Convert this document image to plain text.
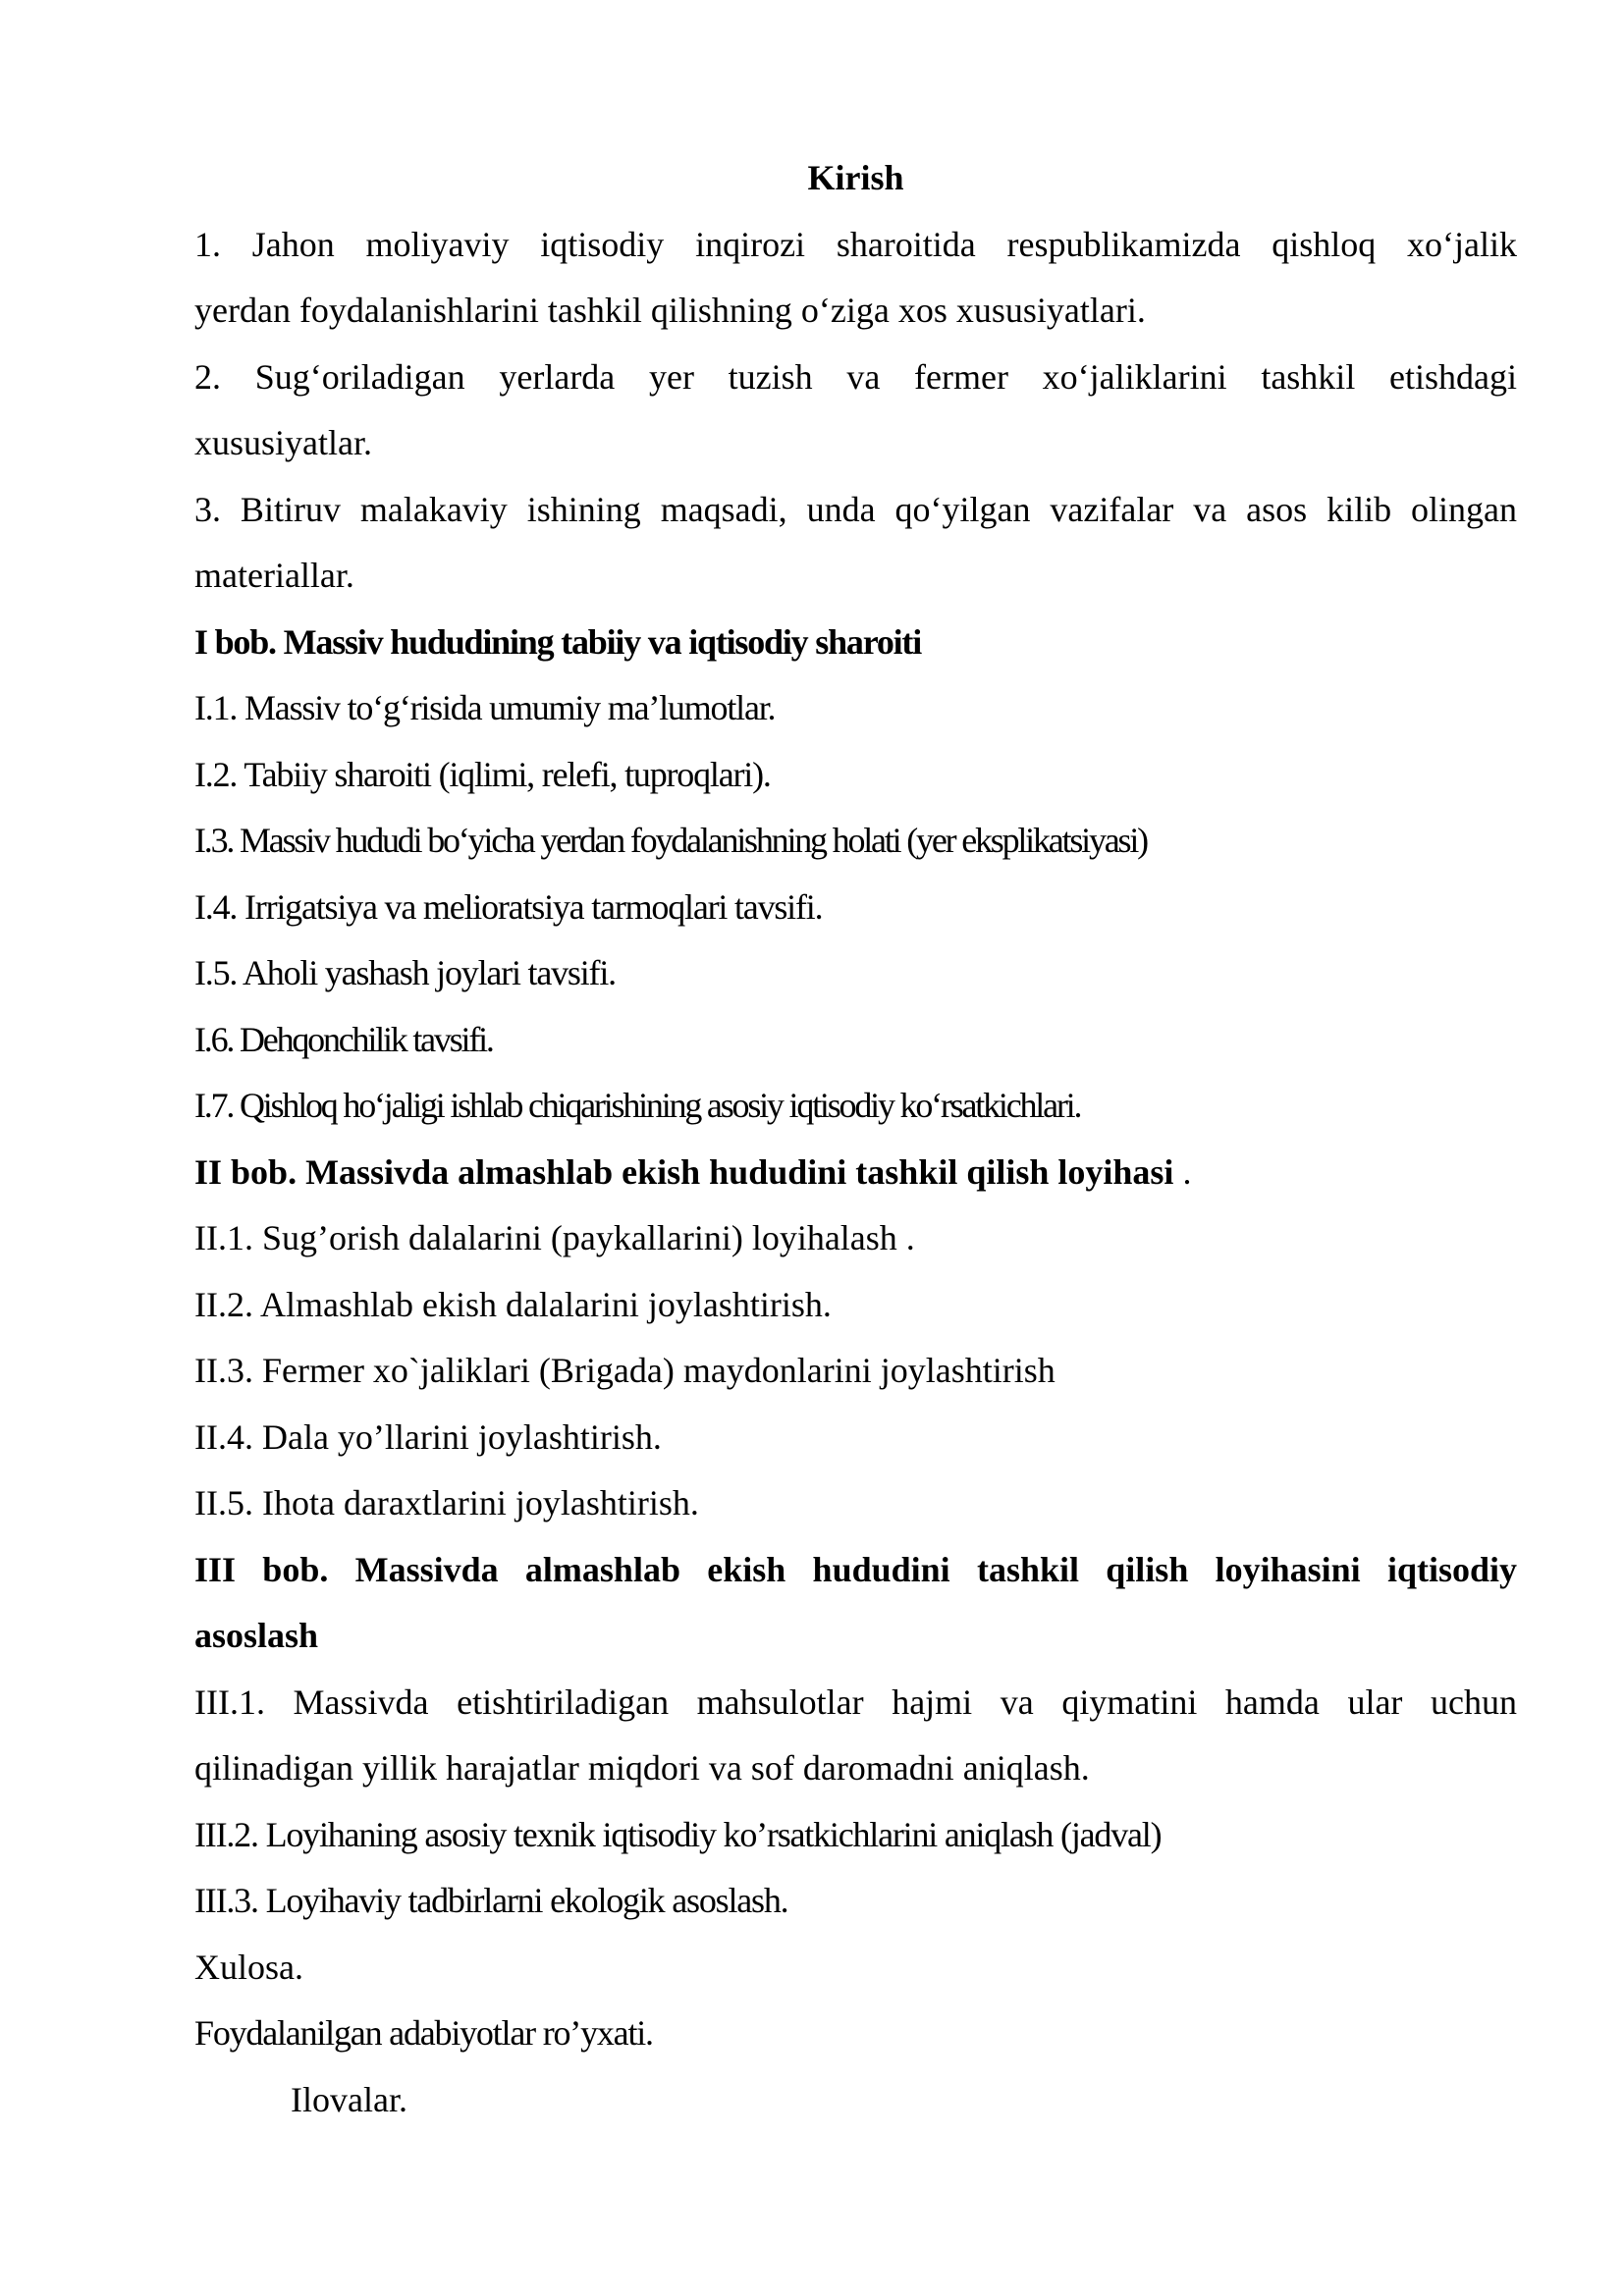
Kirish
1. Jahon moliyaviy iqtisodiy inqirozi sharoitida respublikamizda qishloq xo‘jalik
yerdan foydalanishlarini tashkil qilishning o‘ziga xos xususiyatlari.
2. Sug‘oriladigan yerlarda yer tuzish va fermer xo‘jaliklarini tashkil etishdagi
xususiyatlar.
3. Bitiruv malakaviy ishining maqsadi, unda qo‘yilgan vazifalar va asos kilib olingan
materiallar.
I bob. Massiv hududining tabiiy va iqtisodiy sharoiti
I.1. Massiv to‘g‘risida umumiy ma’lumotlar.
I.2. Tabiiy sharoiti (iqlimi, relefi, tuproqlari).
I.3. Massiv hududi bo‘yicha yerdan foydalanishning holati (yer eksplikatsiyasi)
I.4. Irrigatsiya va melioratsiya tarmoqlari tavsifi.
I.5. Aholi yashash joylari tavsifi.
I.6. Dehqonchilik tavsifi.
I.7. Qishloq ho‘jaligi ishlab chiqarishining asosiy iqtisodiy ko‘rsatkichlari.
II bob. Massivda almashlab ekish hududini tashkil qilish loyihasi .
II.1. Sug’orish dalalarini (paykallarini) loyihalash .
II.2. Almashlab ekish dalalarini joylashtirish.
II.3. Fermer xo`jaliklari (Brigada) maydonlarini joylashtirish
II.4. Dala yo’llarini joylashtirish.
II.5. Ihota daraxtlarini joylashtirish.
III bob. Massivda almashlab ekish hududini tashkil qilish loyihasini iqtisodiy
asoslash
III.1. Massivda etishtiriladigan mahsulotlar hajmi va qiymatini hamda ular uchun
qilinadigan yillik harajatlar miqdori va sof daromadni aniqlash.
III.2. Loyihaning asosiy texnik iqtisodiy ko’rsatkichlarini aniqlash (jadval)
III.3. Loyihaviy tadbirlarni ekologik asoslash.
Xulosa.
Foydalanilgan adabiyotlar ro’yxati.
Ilovalar.
